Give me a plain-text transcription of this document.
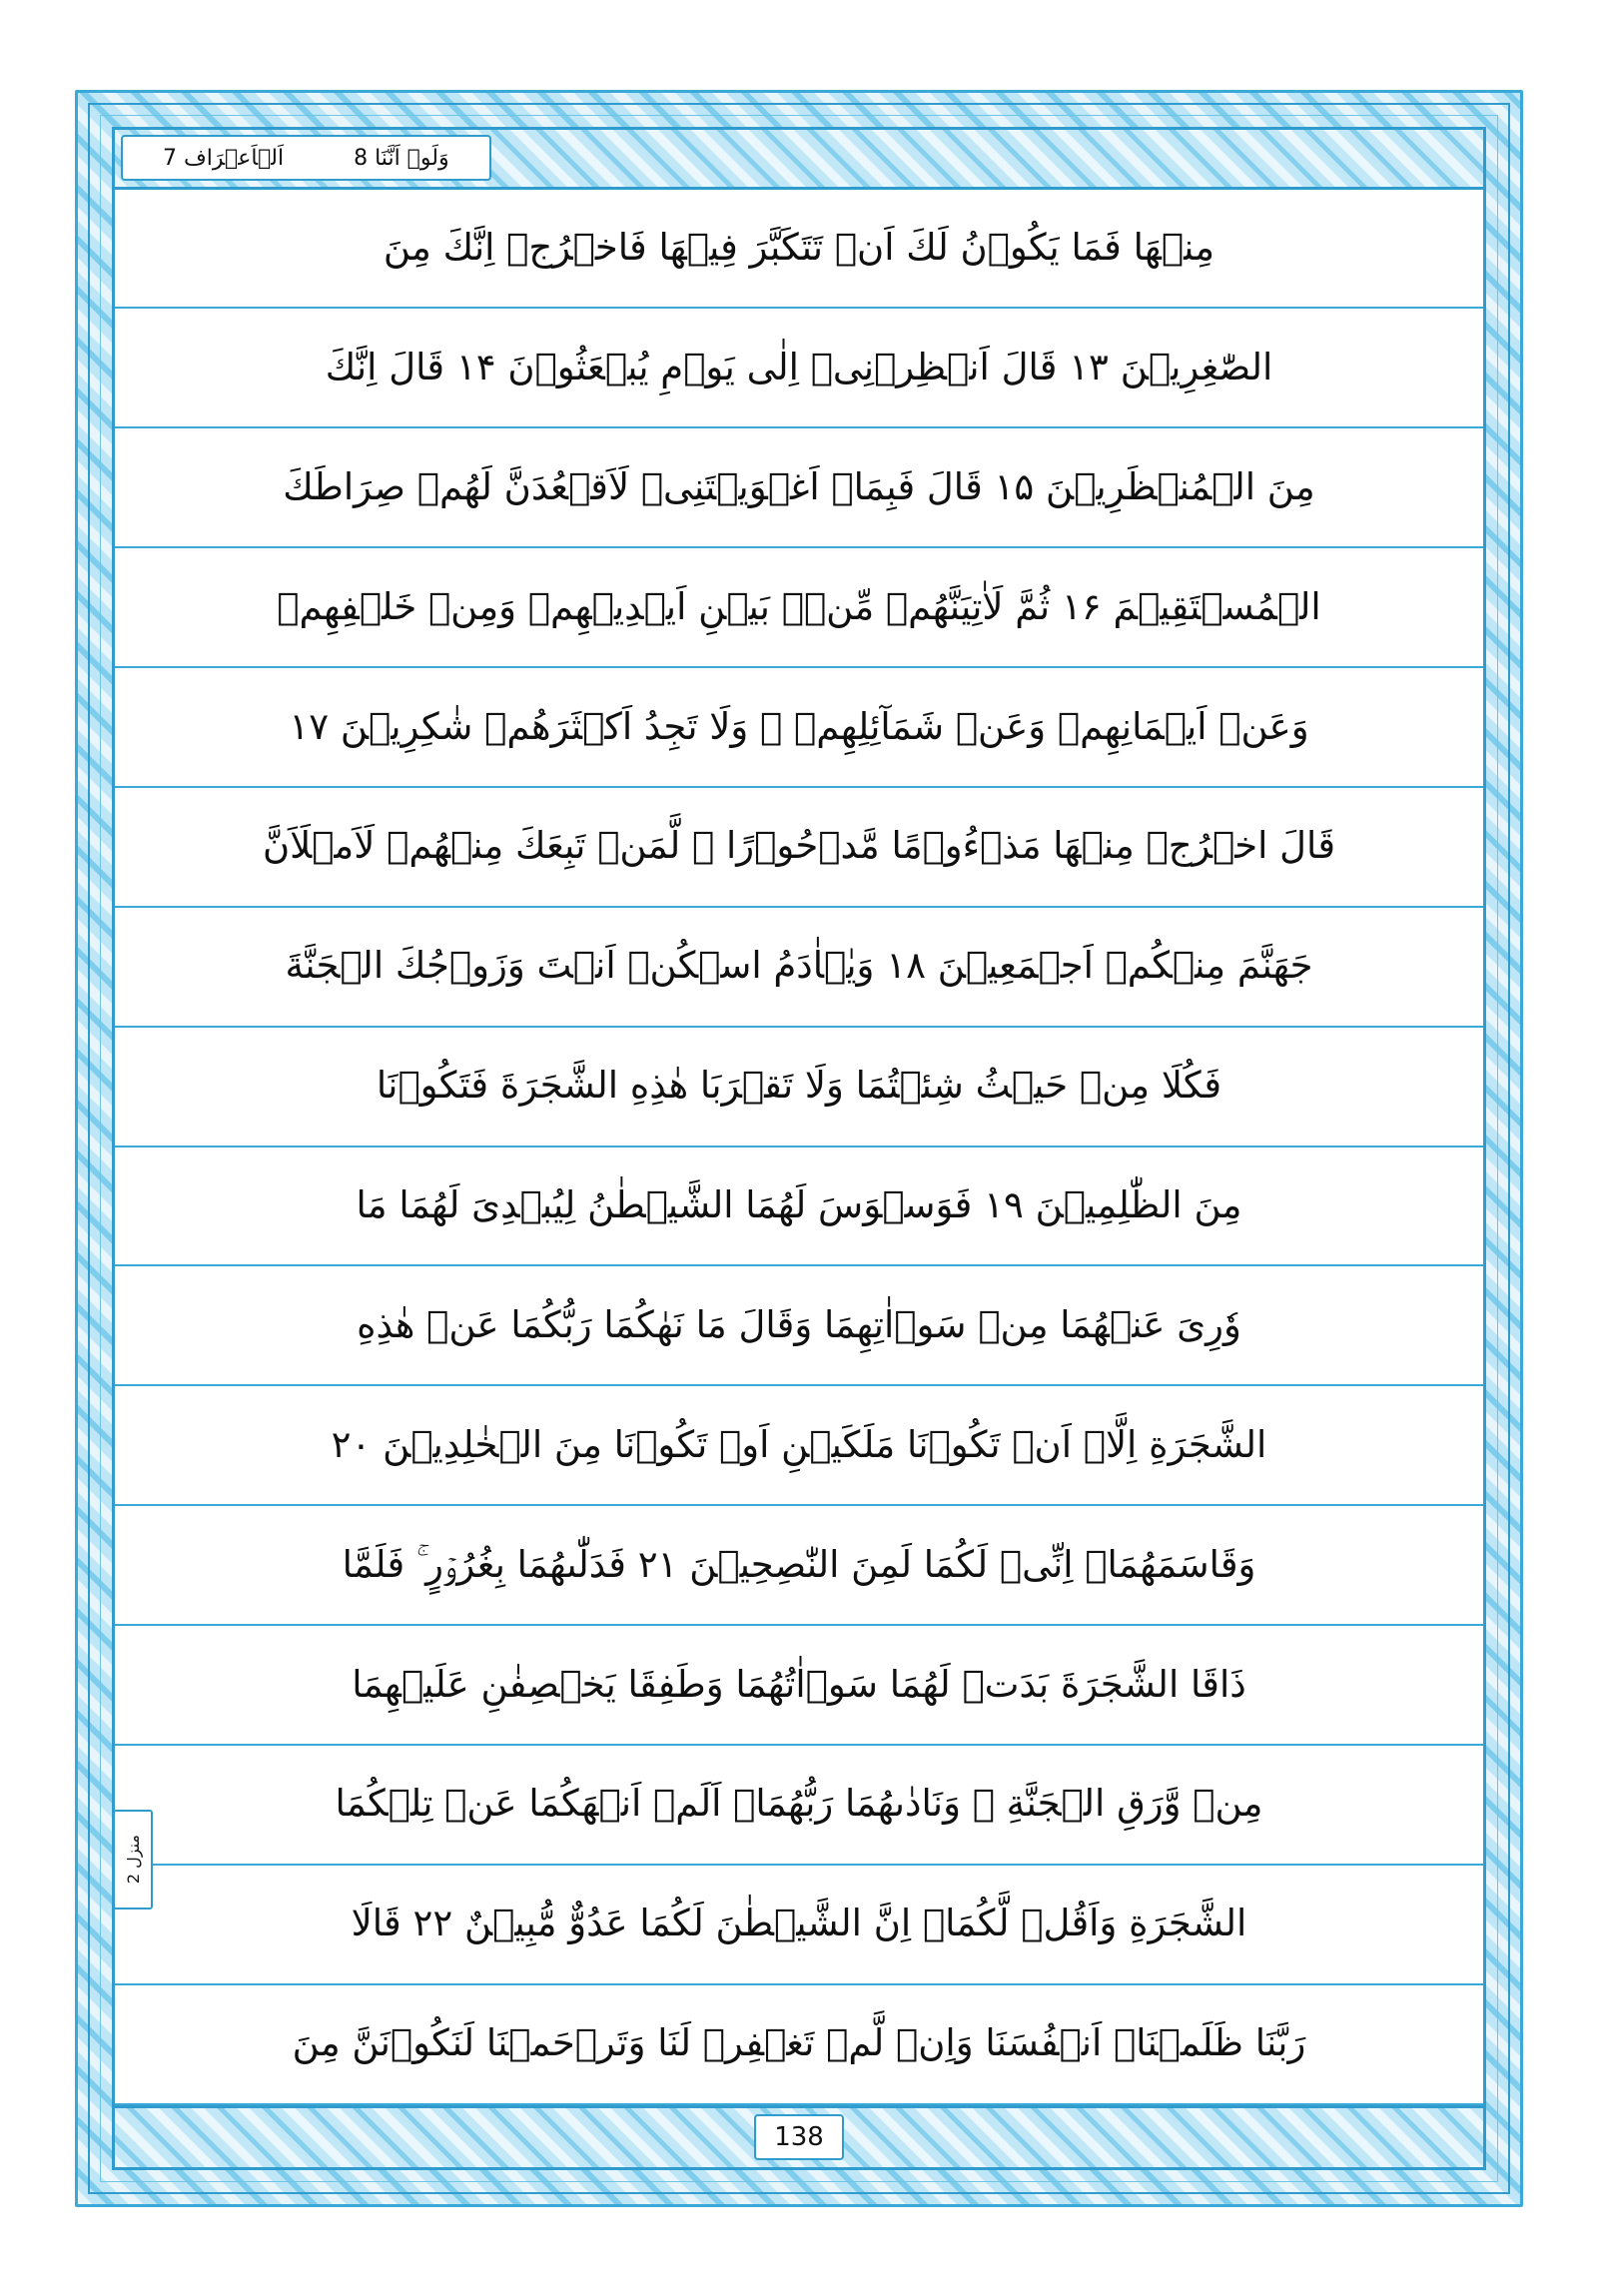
وَلَوۡ اَنَّنَا 8
اَلۡاَعۡرَاف 7
مِنۡهَا فَمَا يَكُوۡنُ لَكَ اَنۡ تَتَكَبَّرَ فِيۡهَا فَاخۡرُجۡ اِنَّكَ مِنَ
الصّٰغِرِيۡنَ ۱۳ قَالَ اَنۡظِرۡنِىۡ اِلٰى يَوۡمِ يُبۡعَثُوۡنَ ۱۴ قَالَ اِنَّكَ
مِنَ الۡمُنۡظَرِيۡنَ ۱۵ قَالَ فَبِمَاۤ اَغۡوَيۡتَنِىۡ لَاَقۡعُدَنَّ لَهُمۡ صِرَاطَكَ
الۡمُسۡتَقِيۡمَ ۱۶ ثُمَّ لَاٰتِيَنَّهُمۡ مِّنۡۢ بَيۡنِ اَيۡدِيۡهِمۡ وَمِنۡ خَلۡفِهِمۡ
وَعَنۡ اَيۡمَانِهِمۡ وَعَنۡ شَمَآئِلِهِمۡ ۖ وَلَا تَجِدُ اَكۡثَرَهُمۡ شٰكِرِيۡنَ ۱۷
قَالَ اخۡرُجۡ مِنۡهَا مَذۡءُوۡمًا مَّدۡحُوۡرًا ۖ لَّمَنۡ تَبِعَكَ مِنۡهُمۡ لَاَمۡلَاَنَّ
جَهَنَّمَ مِنۡكُمۡ اَجۡمَعِيۡنَ ۱۸ وَيٰۤاٰدَمُ اسۡكُنۡ اَنۡتَ وَزَوۡجُكَ الۡجَنَّةَ
فَكُلَا مِنۡ حَيۡثُ شِئۡتُمَا وَلَا تَقۡرَبَا هٰذِهِ الشَّجَرَةَ فَتَكُوۡنَا
مِنَ الظّٰلِمِيۡنَ ۱۹ فَوَسۡوَسَ لَهُمَا الشَّيۡطٰنُ لِيُبۡدِىَ لَهُمَا مَا
وٗرِىَ عَنۡهُمَا مِنۡ سَوۡاٰتِهِمَا وَقَالَ مَا نَهٰكُمَا رَبُّكُمَا عَنۡ هٰذِهِ
الشَّجَرَةِ اِلَّاۤ اَنۡ تَكُوۡنَا مَلَكَيۡنِ اَوۡ تَكُوۡنَا مِنَ الۡخٰلِدِيۡنَ ۲۰
وَقَاسَمَهُمَاۤ اِنِّىۡ لَكُمَا لَمِنَ النّٰصِحِيۡنَ ۲۱ فَدَلّٰٮهُمَا بِغُرُوۡرٍ ۚ فَلَمَّا
ذَاقَا الشَّجَرَةَ بَدَتۡ لَهُمَا سَوۡاٰتُهُمَا وَطَفِقَا يَخۡصِفٰنِ عَلَيۡهِمَا
مِنۡ وَّرَقِ الۡجَنَّةِ ۖ وَنَادٰٮهُمَا رَبُّهُمَاۤ اَلَمۡ اَنۡهَكُمَا عَنۡ تِلۡكُمَا
الشَّجَرَةِ وَاَقُلۡ لَّكُمَاۤ اِنَّ الشَّيۡطٰنَ لَكُمَا عَدُوٌّ مُّبِيۡنٌ ۲۲ قَالَا
رَبَّنَا ظَلَمۡنَاۤ اَنۡفُسَنَا وَاِنۡ لَّمۡ تَغۡفِرۡ لَنَا وَتَرۡحَمۡنَا لَنَكُوۡنَنَّ مِنَ
منزل 2
138
